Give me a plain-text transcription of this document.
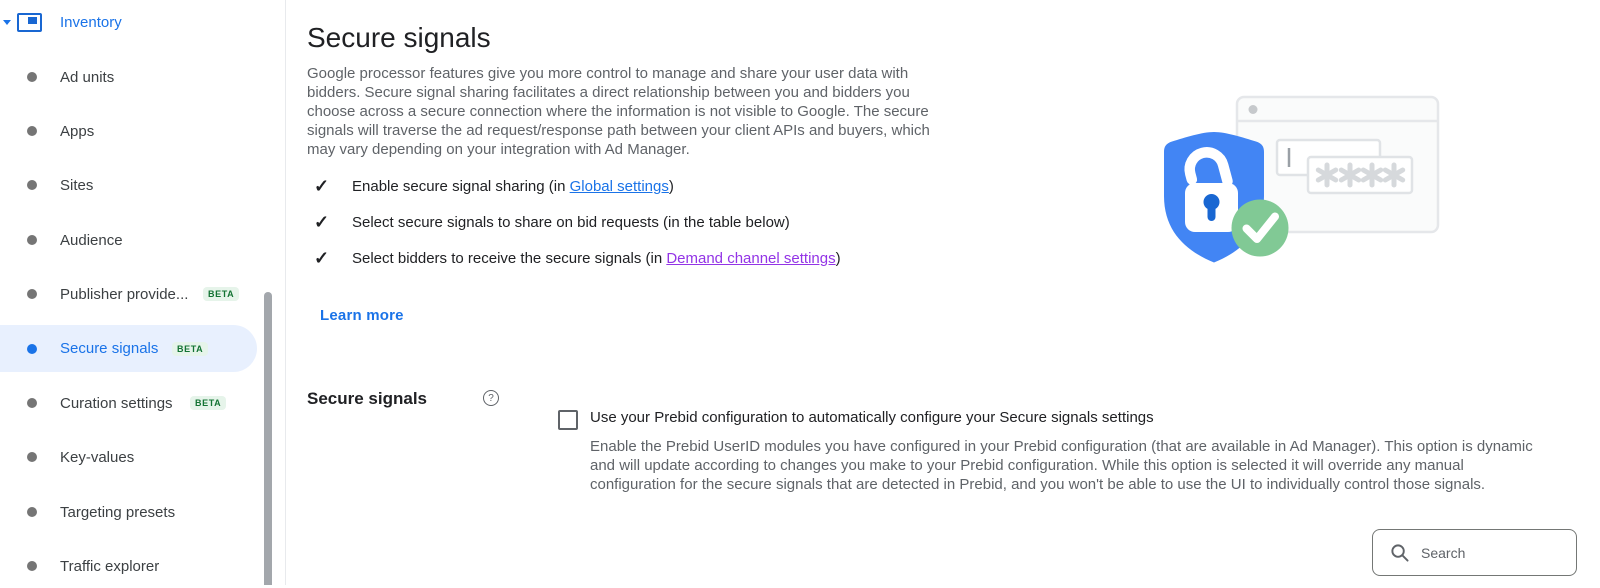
Inventory
Ad units
Apps
Sites
Audience
Publisher provide...	BETA
Secure signals	BETA
Curation settings	BETA
Key-values
Targeting presets
Traffic explorer
Secure signals

Google processor features give you more control to manage and share your user data with bidders. Secure signal sharing facilitates a direct relationship between you and bidders you choose across a secure connection where the information is not visible to Google. The secure signals will traverse the ad request/response path between your client APIs and buyers, which may vary depending on your integration with Ad Manager.

✓ Enable secure signal sharing (in Global settings)
✓ Select secure signals to share on bid requests (in the table below)
✓ Select bidders to receive the secure signals (in Demand channel settings)
Learn more
Secure signals	?
Use your Prebid configuration to automatically configure your Secure signals settings
Enable the Prebid UserID modules you have configured in your Prebid configuration (that are available in Ad Manager). This option is dynamic and will update according to changes you make to your Prebid configuration. While this option is selected it will override any manual configuration for the secure signals that are detected in Prebid, and you won't be able to use the UI to individually control those signals.
Search
